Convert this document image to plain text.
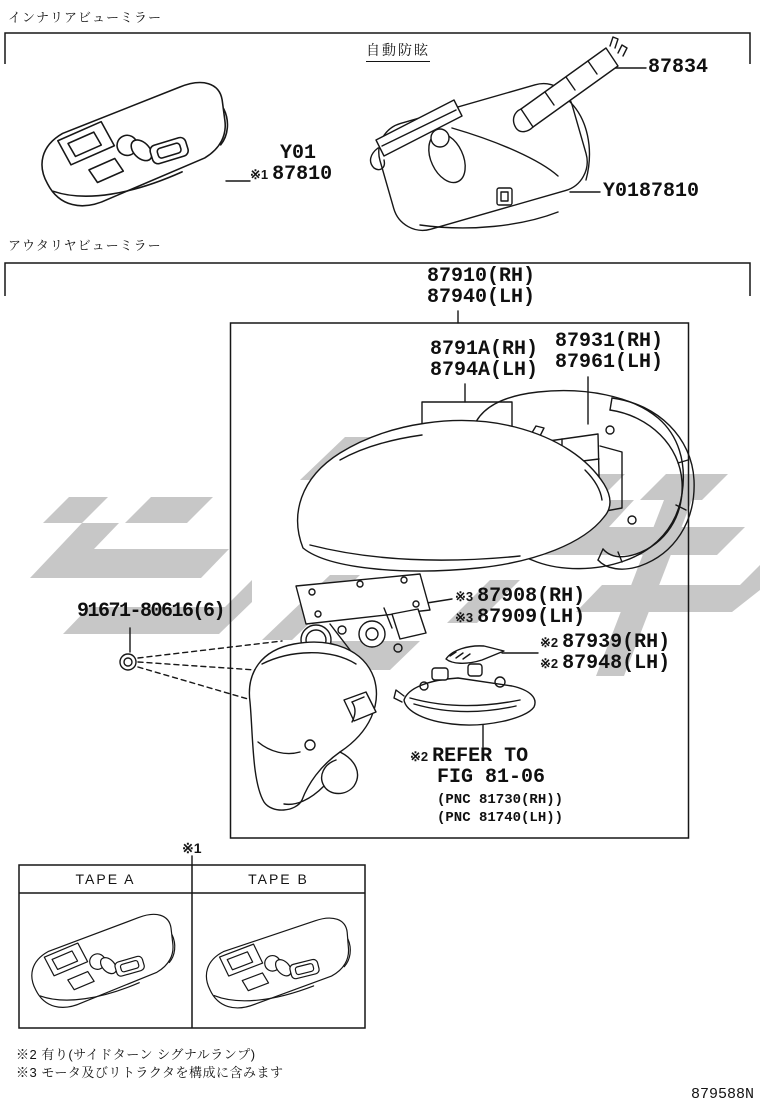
インナリアビューミラー
自動防眩
87834
Y01
※1 87810
Y0187810
アウタリヤビューミラー
87910(RH)
87940(LH)
8791A(RH)
8794A(LH)
87931(RH)
87961(LH)
※3 87908(RH)
※3 87909(LH)
※2 87939(RH)
※2 87948(LH)
91671-80616(6)
※2 REFER TO
FIG 81-06
(PNC 81730(RH))
(PNC 81740(LH))
※1
TAPE A	TAPE B
※2 有り(サイドターン シグナルランプ)
※3 モータ及びリトラクタを構成に含みます
879588N
